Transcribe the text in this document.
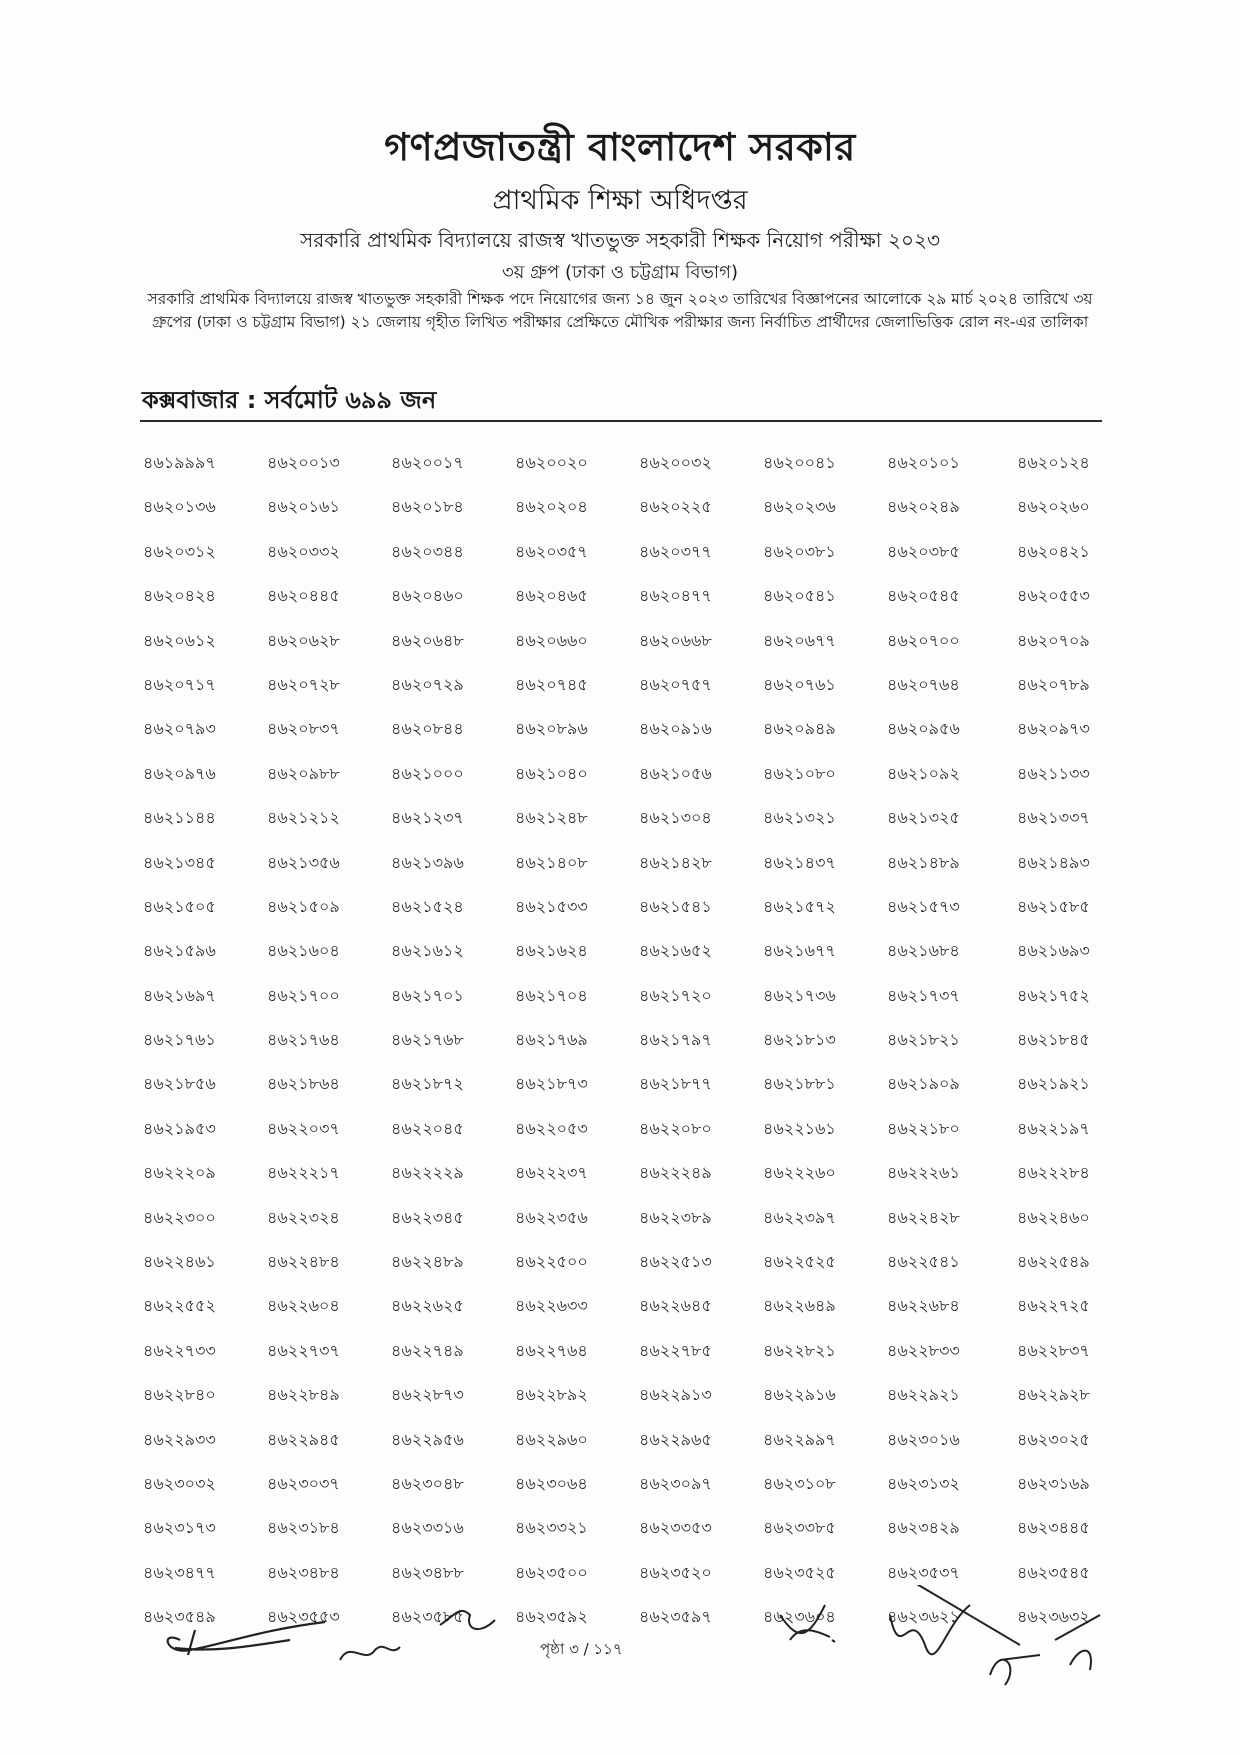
গণপ্রজাতন্ত্রী বাংলাদেশ সরকার
প্রাথমিক শিক্ষা অধিদপ্তর
সরকারি প্রাথমিক বিদ্যালয়ে রাজস্ব খাতভুক্ত সহকারী শিক্ষক নিয়োগ পরীক্ষা ২০২৩
৩য় গ্রুপ (ঢাকা ও চট্টগ্রাম বিভাগ)
সরকারি প্রাথমিক বিদ্যালয়ে রাজস্ব খাতভুক্ত সহকারী শিক্ষক পদে নিয়োগের জন্য ১৪ জুন ২০২৩ তারিখের বিজ্ঞাপনের আলোকে ২৯ মার্চ ২০২৪ তারিখে ৩য় গ্রুপের (ঢাকা ও চট্টগ্রাম বিভাগ) ২১ জেলায় গৃহীত লিখিত পরীক্ষার প্রেক্ষিতে মৌখিক পরীক্ষার জন্য নির্বাচিত প্রার্থীদের জেলাভিত্তিক রোল নং-এর তালিকা
কক্সবাজার : সর্বমোট ৬৯৯ জন
৪৬১৯৯৯৭	৪৬২০০১৩	৪৬২০০১৭	৪৬২০০২০	৪৬২০০৩২	৪৬২০০৪১	৪৬২০১০১	৪৬২০১২৪
৪৬২০১৩৬	৪৬২০১৬১	৪৬২০১৮৪	৪৬২০২০৪	৪৬২০২২৫	৪৬২০২৩৬	৪৬২০২৪৯	৪৬২০২৬০
৪৬২০৩১২	৪৬২০৩৩২	৪৬২০৩৪৪	৪৬২০৩৫৭	৪৬২০৩৭৭	৪৬২০৩৮১	৪৬২০৩৮৫	৪৬২০৪২১
৪৬২০৪২৪	৪৬২০৪৪৫	৪৬২০৪৬০	৪৬২০৪৬৫	৪৬২০৪৭৭	৪৬২০৫৪১	৪৬২০৫৪৫	৪৬২০৫৫৩
৪৬২০৬১২	৪৬২০৬২৮	৪৬২০৬৪৮	৪৬২০৬৬০	৪৬২০৬৬৮	৪৬২০৬৭৭	৪৬২০৭০০	৪৬২০৭০৯
৪৬২০৭১৭	৪৬২০৭২৮	৪৬২০৭২৯	৪৬২০৭৪৫	৪৬২০৭৫৭	৪৬২০৭৬১	৪৬২০৭৬৪	৪৬২০৭৮৯
৪৬২০৭৯৩	৪৬২০৮৩৭	৪৬২০৮৪৪	৪৬২০৮৯৬	৪৬২০৯১৬	৪৬২০৯৪৯	৪৬২০৯৫৬	৪৬২০৯৭৩
৪৬২০৯৭৬	৪৬২০৯৮৮	৪৬২১০০০	৪৬২১০৪০	৪৬২১০৫৬	৪৬২১০৮০	৪৬২১০৯২	৪৬২১১৩৩
৪৬২১১৪৪	৪৬২১২১২	৪৬২১২৩৭	৪৬২১২৪৮	৪৬২১৩০৪	৪৬২১৩২১	৪৬২১৩২৫	৪৬২১৩৩৭
৪৬২১৩৪৫	৪৬২১৩৫৬	৪৬২১৩৯৬	৪৬২১৪০৮	৪৬২১৪২৮	৪৬২১৪৩৭	৪৬২১৪৮৯	৪৬২১৪৯৩
৪৬২১৫০৫	৪৬২১৫০৯	৪৬২১৫২৪	৪৬২১৫৩৩	৪৬২১৫৪১	৪৬২১৫৭২	৪৬২১৫৭৩	৪৬২১৫৮৫
৪৬২১৫৯৬	৪৬২১৬০৪	৪৬২১৬১২	৪৬২১৬২৪	৪৬২১৬৫২	৪৬২১৬৭৭	৪৬২১৬৮৪	৪৬২১৬৯৩
৪৬২১৬৯৭	৪৬২১৭০০	৪৬২১৭০১	৪৬২১৭০৪	৪৬২১৭২০	৪৬২১৭৩৬	৪৬২১৭৩৭	৪৬২১৭৫২
৪৬২১৭৬১	৪৬২১৭৬৪	৪৬২১৭৬৮	৪৬২১৭৬৯	৪৬২১৭৯৭	৪৬২১৮১৩	৪৬২১৮২১	৪৬২১৮৪৫
৪৬২১৮৫৬	৪৬২১৮৬৪	৪৬২১৮৭২	৪৬২১৮৭৩	৪৬২১৮৭৭	৪৬২১৮৮১	৪৬২১৯০৯	৪৬২১৯২১
৪৬২১৯৫৩	৪৬২২০৩৭	৪৬২২০৪৫	৪৬২২০৫৩	৪৬২২০৮০	৪৬২২১৬১	৪৬২২১৮০	৪৬২২১৯৭
৪৬২২২০৯	৪৬২২২১৭	৪৬২২২২৯	৪৬২২২৩৭	৪৬২২২৪৯	৪৬২২২৬০	৪৬২২২৬১	৪৬২২২৮৪
৪৬২২৩০০	৪৬২২৩২৪	৪৬২২৩৪৫	৪৬২২৩৫৬	৪৬২২৩৮৯	৪৬২২৩৯৭	৪৬২২৪২৮	৪৬২২৪৬০
৪৬২২৪৬১	৪৬২২৪৮৪	৪৬২২৪৮৯	৪৬২২৫০০	৪৬২২৫১৩	৪৬২২৫২৫	৪৬২২৫৪১	৪৬২২৫৪৯
৪৬২২৫৫২	৪৬২২৬০৪	৪৬২২৬২৫	৪৬২২৬৩৩	৪৬২২৬৪৫	৪৬২২৬৪৯	৪৬২২৬৮৪	৪৬২২৭২৫
৪৬২২৭৩৩	৪৬২২৭৩৭	৪৬২২৭৪৯	৪৬২২৭৬৪	৪৬২২৭৮৫	৪৬২২৮২১	৪৬২২৮৩৩	৪৬২২৮৩৭
৪৬২২৮৪০	৪৬২২৮৪৯	৪৬২২৮৭৩	৪৬২২৮৯২	৪৬২২৯১৩	৪৬২২৯১৬	৪৬২২৯২১	৪৬২২৯২৮
৪৬২২৯৩৩	৪৬২২৯৪৫	৪৬২২৯৫৬	৪৬২২৯৬০	৪৬২২৯৬৫	৪৬২২৯৯৭	৪৬২৩০১৬	৪৬২৩০২৫
৪৬২৩০৩২	৪৬২৩০৩৭	৪৬২৩০৪৮	৪৬২৩০৬৪	৪৬২৩০৯৭	৪৬২৩১০৮	৪৬২৩১৩২	৪৬২৩১৬৯
৪৬২৩১৭৩	৪৬২৩১৮৪	৪৬২৩৩১৬	৪৬২৩৩২১	৪৬২৩৩৫৩	৪৬২৩৩৮৫	৪৬২৩৪২৯	৪৬২৩৪৪৫
৪৬২৩৪৭৭	৪৬২৩৪৮৪	৪৬২৩৪৮৮	৪৬২৩৫০০	৪৬২৩৫২০	৪৬২৩৫২৫	৪৬২৩৫৩৭	৪৬২৩৫৪৫
৪৬২৩৫৪৯	৪৬২৩৫৫৩	৪৬২৩৫৮৫	৪৬২৩৫৯২	৪৬২৩৫৯৭	৪৬২৩৬০৪	৪৬২৩৬২১	৪৬২৩৬৩২
পৃষ্ঠা ৩ / ১১৭
